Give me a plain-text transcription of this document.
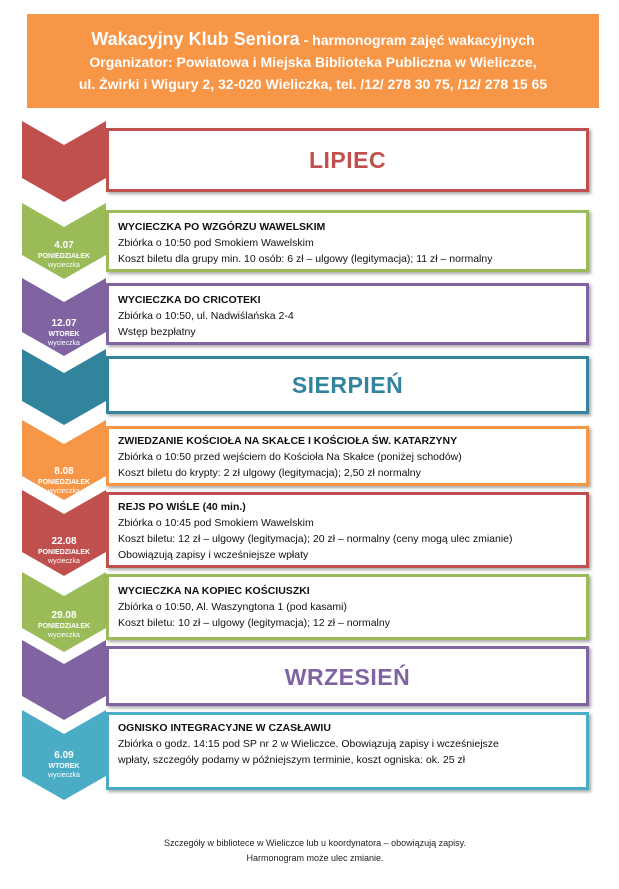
Wakacyjny Klub Seniora - harmonogram zajęć wakacyjnych
Organizator: Powiatowa i Miejska Biblioteka Publiczna w Wieliczce,
ul. Żwirki i Wigury 2, 32-020 Wieliczka, tel. /12/ 278 30 75, /12/ 278 15 65
LIPIEC
4.07
PONIEDZIAŁEK
wycieczka
WYCIECZKA PO WZGÓRZU WAWELSKIM
Zbiórka o 10:50 pod Smokiem Wawelskim
Koszt biletu dla grupy min. 10 osób: 6 zł – ulgowy (legitymacja); 11 zł – normalny
12.07
WTOREK
wycieczka
WYCIECZKA DO CRICOTEKI
Zbiórka o 10:50, ul. Nadwiślańska 2-4
Wstęp bezpłatny
SIERPIEŃ
8.08
PONIEDZIAŁEK
wycieczka
ZWIEDZANIE KOŚCIOŁA NA SKAŁCE I KOŚCIOŁA ŚW. KATARZYNY
Zbiórka o 10:50 przed wejściem do Kościoła Na Skałce (poniżej schodów)
Koszt biletu do krypty: 2 zł ulgowy (legitymacja); 2,50 zł normalny
22.08
PONIEDZIAŁEK
wycieczka
REJS PO WIŚLE (40 min.)
Zbiórka o 10:45 pod Smokiem Wawelskim
Koszt biletu: 12 zł – ulgowy (legitymacja); 20 zł – normalny (ceny mogą ulec zmianie)
Obowiązują zapisy i wcześniejsze wpłaty
29.08
PONIEDZIAŁEK
wycieczka
WYCIECZKA NA KOPIEC KOŚCIUSZKI
Zbiórka o 10:50, Al. Waszyngtona 1 (pod kasami)
Koszt biletu: 10 zł – ulgowy (legitymacja); 12 zł – normalny
WRZESIEŃ
6.09
WTOREK
wycieczka
OGNISKO INTEGRACYJNE W CZASŁAWIU
Zbiórka o godz. 14:15 pod SP nr 2 w Wieliczce. Obowiązują zapisy i wcześniejsze
wpłaty, szczegóły podamy w późniejszym terminie, koszt ogniska: ok. 25 zł
Szczegóły w bibliotece w Wieliczce lub u koordynatora – obowiązują zapisy.
Harmonogram może ulec zmianie.
